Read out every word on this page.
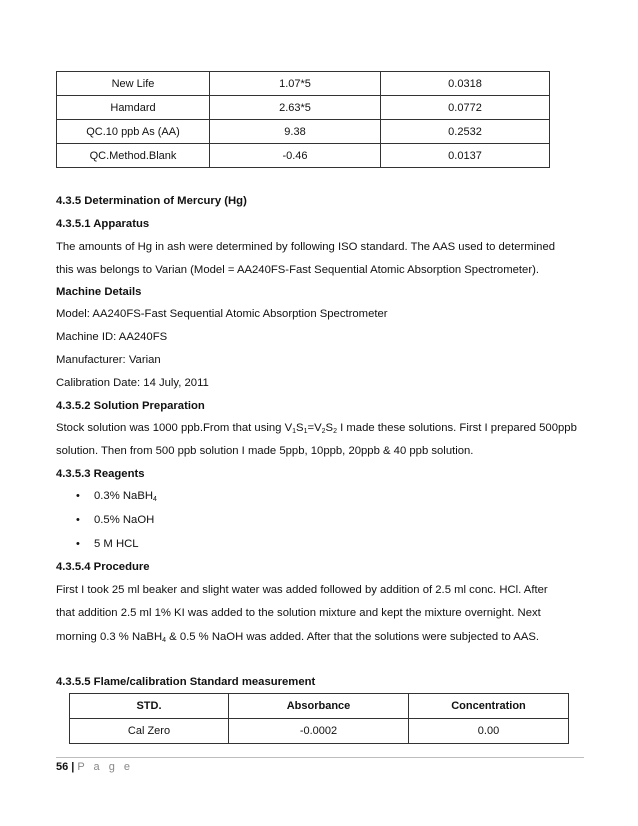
New Life	1.07*5	0.0318
Hamdard	2.63*5	0.0772
QC.10 ppb As (AA)	9.38	0.2532
QC.Method.Blank	-0.46	0.0137
4.3.5 Determination of Mercury (Hg)
4.3.5.1 Apparatus
The amounts of Hg in ash were determined by following ISO standard. The AAS used to determined
this was belongs to Varian (Model = AA240FS-Fast Sequential Atomic Absorption Spectrometer).
Machine Details
Model: AA240FS-Fast Sequential Atomic Absorption Spectrometer
Machine ID: AA240FS
Manufacturer: Varian
Calibration Date: 14 July, 2011
4.3.5.2 Solution Preparation
Stock solution was 1000 ppb.From that using $V_1S_1=V_2S_2$ I made these solutions. First I prepared 500ppb
solution. Then from 500 ppb solution I made 5ppb, 10ppb, 20ppb & 40 ppb solution.
4.3.5.3 Reagents
• 0.3% NaBH$_4$
• 0.5% NaOH
• 5 M HCL
4.3.5.4 Procedure
First I took 25 ml beaker and slight water was added followed by addition of 2.5 ml conc. HCl. After
that addition 2.5 ml 1% KI was added to the solution mixture and kept the mixture overnight. Next
morning 0.3 % NaBH$_4$ & 0.5 % NaOH was added. After that the solutions were subjected to AAS.
4.3.5.5 Flame/calibration Standard measurement
STD.	Absorbance	Concentration
Cal Zero	-0.0002	0.00
56 | P a g e
